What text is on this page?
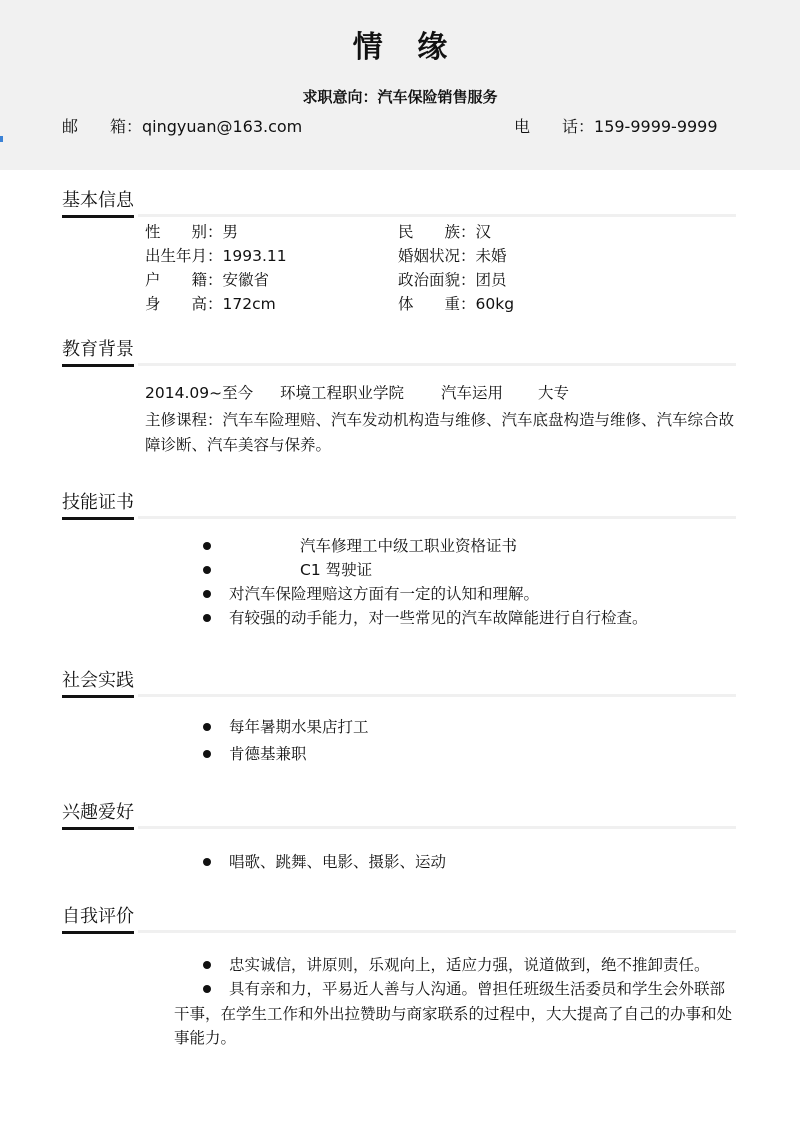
情 缘
求职意向：汽车保险销售服务
邮　　箱：qingyuan@163.com	电　　话：159-9999-9999
基本信息
性　　别：男	民　　族：汉
出生年月：1993.11	婚姻状况：未婚
户　　籍：安徽省	政治面貌：团员
身　　高：172cm	体　　重：60kg
教育背景
2014.09~至今 环境工程职业学院 汽车运用 大专
主修课程：汽车车险理赔、汽车发动机构造与维修、汽车底盘构造与维修、汽车综合故障诊断、汽车美容与保养。
技能证书
汽车修理工中级工职业资格证书
C1 驾驶证
对汽车保险理赔这方面有一定的认知和理解。
有较强的动手能力，对一些常见的汽车故障能进行自行检查。
社会实践
每年暑期水果店打工
肯德基兼职
兴趣爱好
唱歌、跳舞、电影、摄影、运动
自我评价
忠实诚信，讲原则，乐观向上，适应力强，说道做到，绝不推卸责任。
具有亲和力，平易近人善与人沟通。曾担任班级生活委员和学生会外联部干事，在学生工作和外出拉赞助与商家联系的过程中，大大提高了自己的办事和处事能力。
